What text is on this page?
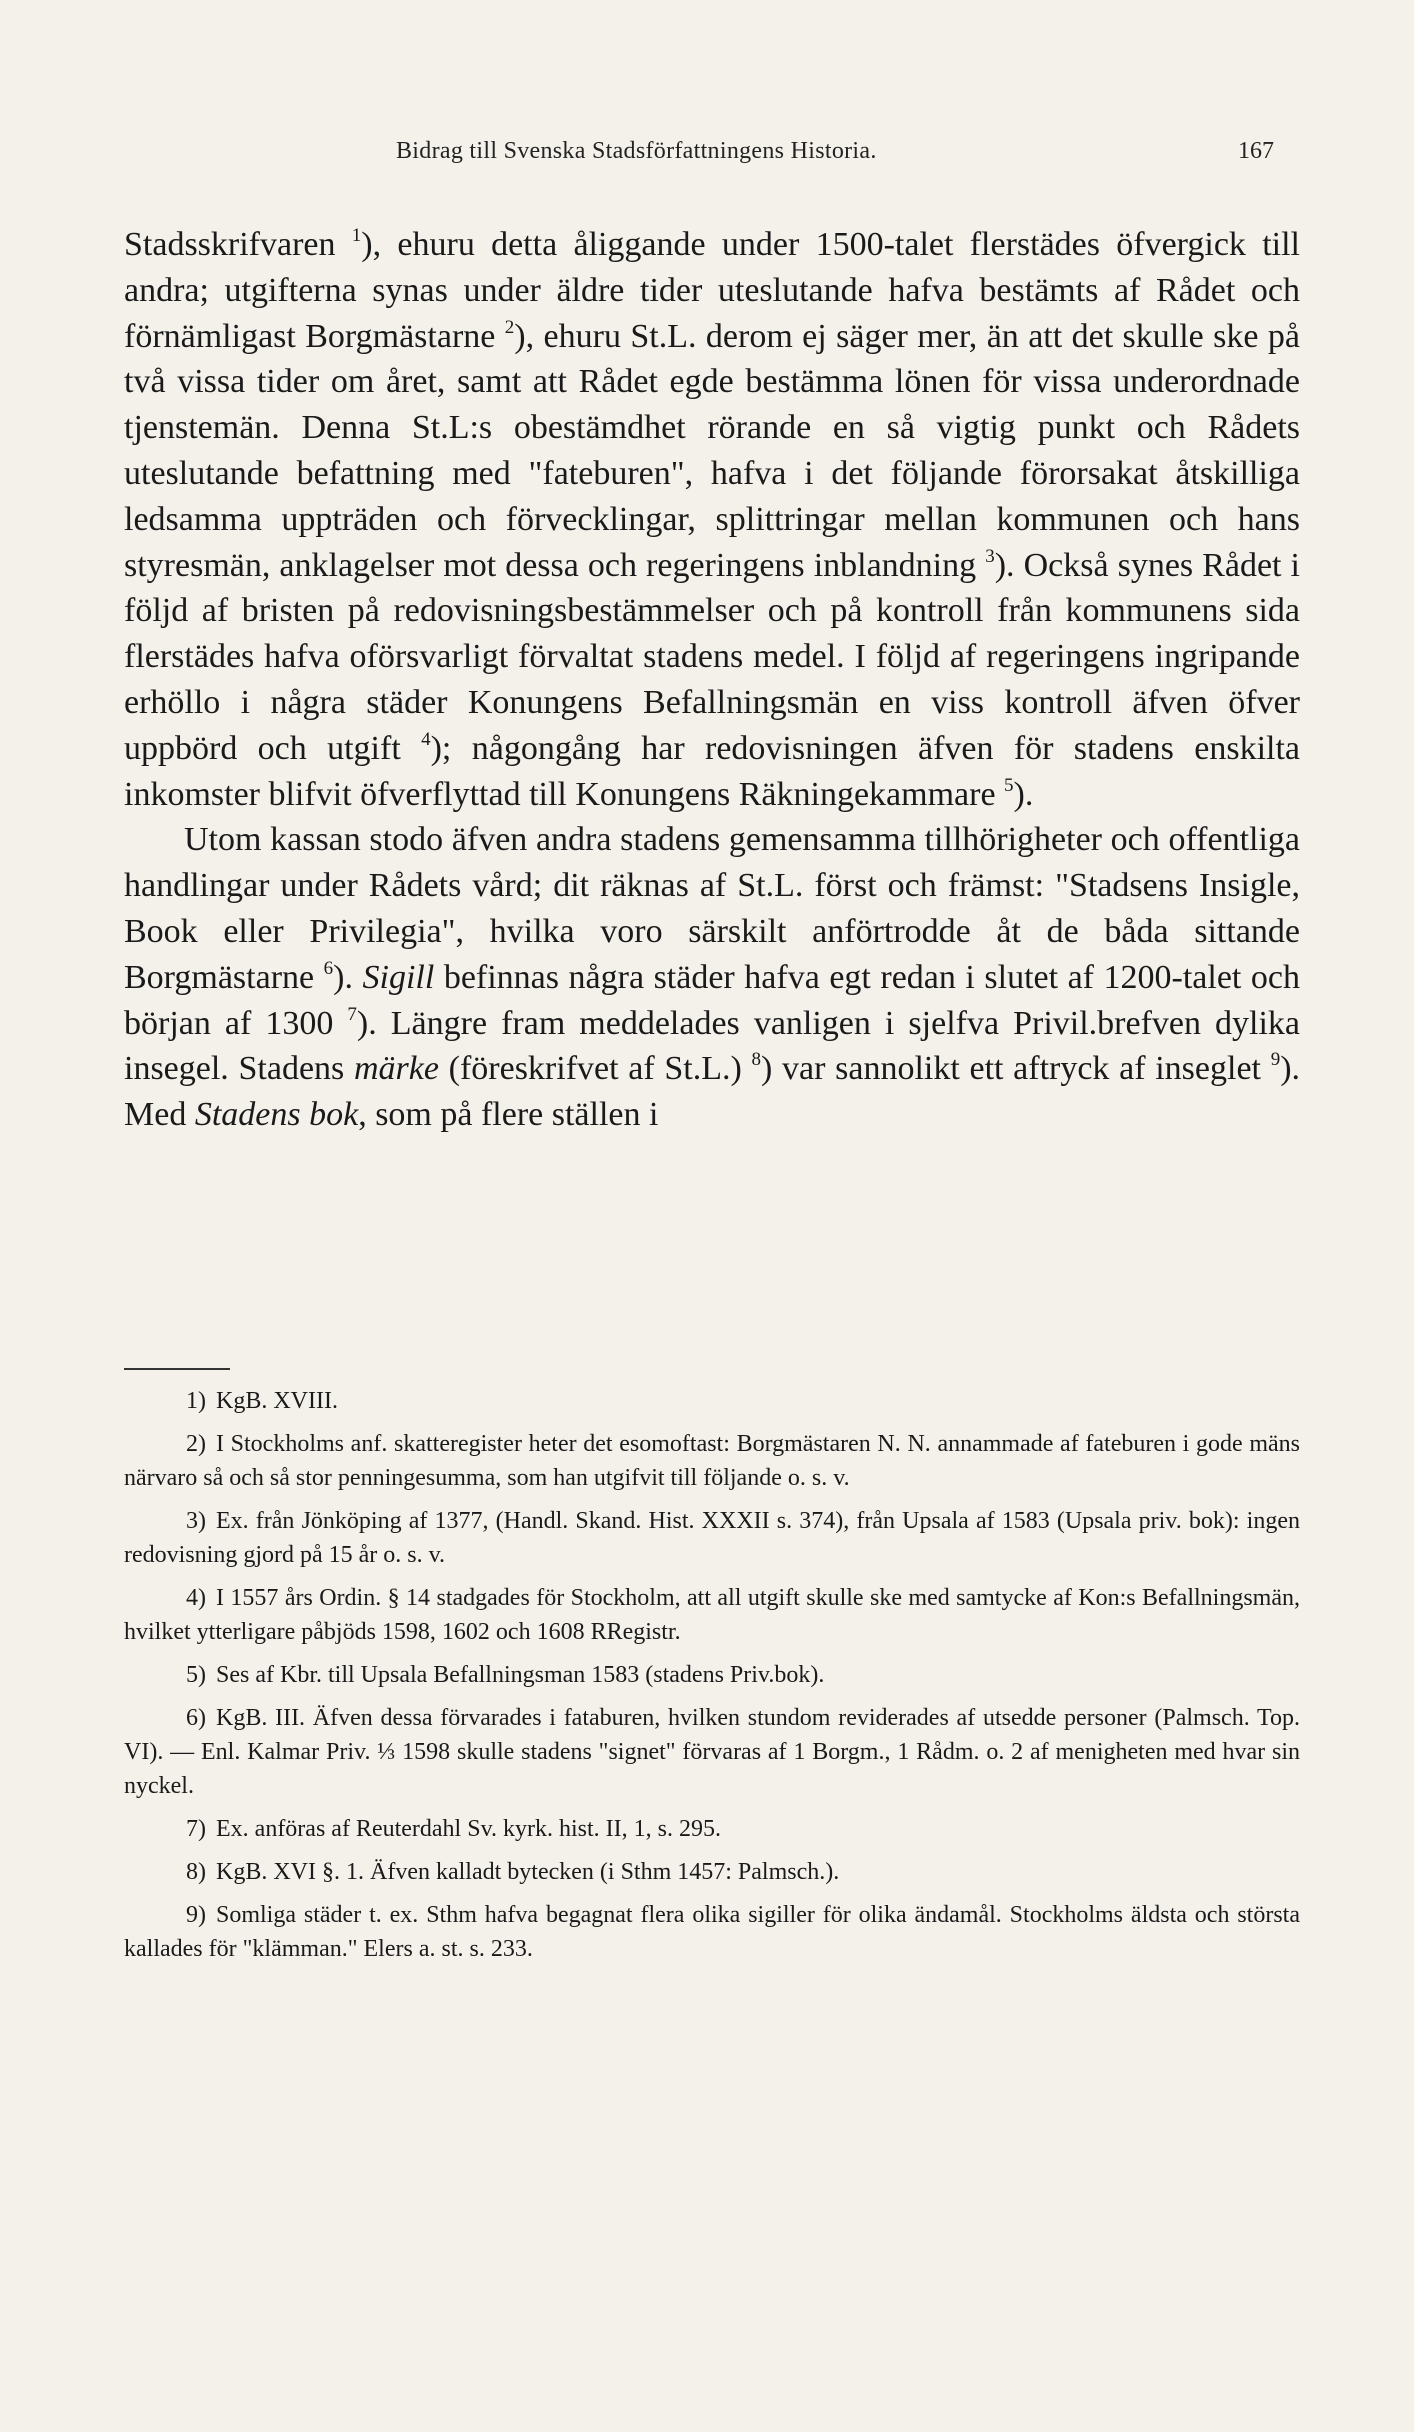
Bidrag till Svenska Stadsförfattningens Historia.	167

Stadsskrifvaren $^1$), ehuru detta åliggande under 1500-talet flerstädes öfvergick till andra; utgifterna synas under äldre tider uteslutande hafva bestämts af Rådet och förnämligast Borgmästarne $^2$), ehuru St.L. derom ej säger mer, än att det skulle ske på två vissa tider om året, samt att Rådet egde bestämma lönen för vissa underordnade tjenstemän. Denna St.L:s obestämdhet rörande en så vigtig punkt och Rådets uteslutande befattning med "fateburen", hafva i det följande förorsakat åtskilliga ledsamma uppträden och förvecklingar, splittringar mellan kommunen och hans styresmän, anklagelser mot dessa och regeringens inblandning $^3$). Också synes Rådet i följd af bristen på redovisningsbestämmelser och på kontroll från kommunens sida flerstädes hafva oförsvarligt förvaltat stadens medel. I följd af regeringens ingripande erhöllo i några städer Konungens Befallningsmän en viss kontroll äfven öfver uppbörd och utgift $^4$); någongång har redovisningen äfven för stadens enskilta inkomster blifvit öfverflyttad till Konungens Räkningekammare $^5$).

Utom kassan stodo äfven andra stadens gemensamma tillhörigheter och offentliga handlingar under Rådets vård; dit räknas af St.L. först och främst: "Stadsens Insigle, Book eller Privilegia", hvilka voro särskilt anförtrodde åt de båda sittande Borgmästarne $^6$). Sigill befinnas några städer hafva egt redan i slutet af 1200-talet och början af 1300 $^7$). Längre fram meddelades vanligen i sjelfva Privil.brefven dylika insegel. Stadens märke (föreskrifvet af St.L.) $^8$) var sannolikt ett aftryck af inseglet $^9$). Med Stadens bok, som på flere ställen i

1) KgB. XVIII.

2) I Stockholms anf. skatteregister heter det esomoftast: Borgmästaren N. N. annammade af fateburen i gode mäns närvaro så och så stor penningesumma, som han utgifvit till följande o. s. v.

3) Ex. från Jönköping af 1377, (Handl. Skand. Hist. XXXII s. 374), från Upsala af 1583 (Upsala priv. bok): ingen redovisning gjord på 15 år o. s. v.

4) I 1557 års Ordin. § 14 stadgades för Stockholm, att all utgift skulle ske med samtycke af Kon:s Befallningsmän, hvilket ytterligare påbjöds 1598, 1602 och 1608 RRegistr.

5) Ses af Kbr. till Upsala Befallningsman 1583 (stadens Priv.bok).

6) KgB. III. Äfven dessa förvarades i fataburen, hvilken stundom reviderades af utsedde personer (Palmsch. Top. VI). — Enl. Kalmar Priv. ⅓ 1598 skulle stadens "signet" förvaras af 1 Borgm., 1 Rådm. o. 2 af menigheten med hvar sin nyckel.

7) Ex. anföras af Reuterdahl Sv. kyrk. hist. II, 1, s. 295.

8) KgB. XVI §. 1. Äfven kalladt bytecken (i Sthm 1457: Palmsch.).

9) Somliga städer t. ex. Sthm hafva begagnat flera olika sigiller för olika ändamål. Stockholms äldsta och största kallades för "klämman." Elers a. st. s. 233.
